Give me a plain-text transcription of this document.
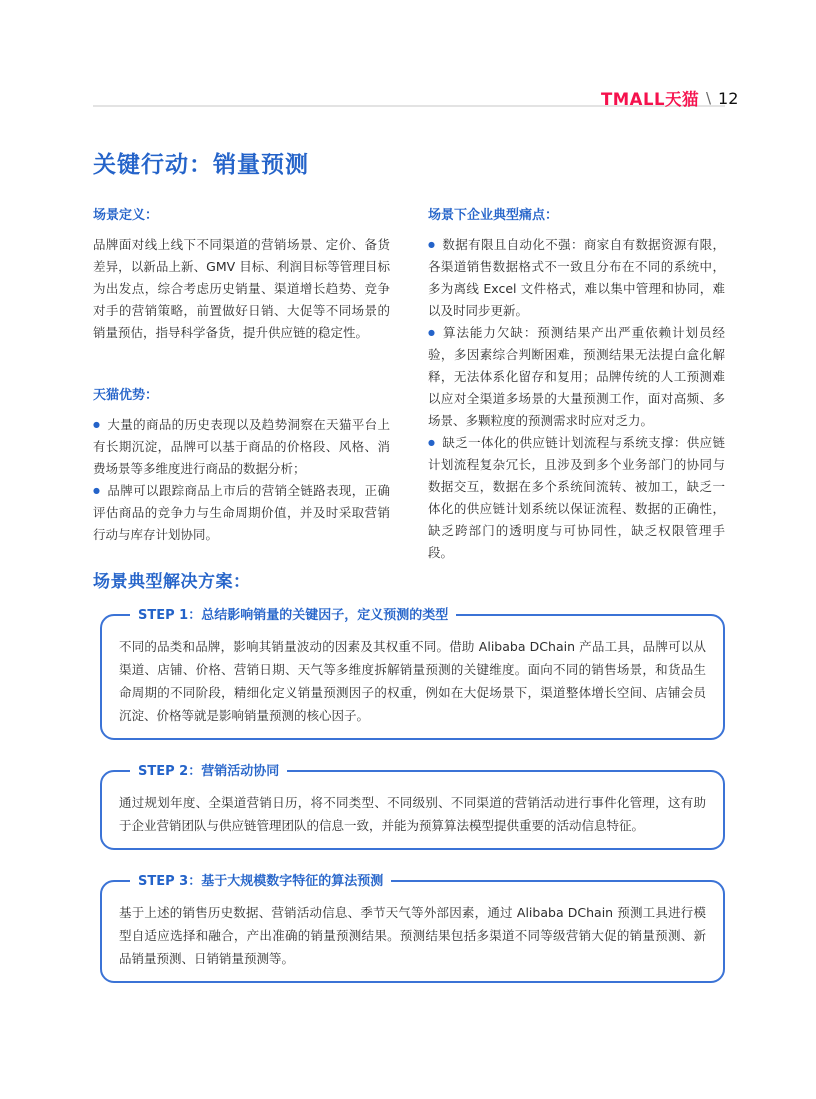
TMALL天猫 \ 12
关键行动：销量预测
场景定义：

品牌面对线上线下不同渠道的营销场景、定价、备货差异，以新品上新、GMV 目标、利润目标等管理目标为出发点，综合考虑历史销量、渠道增长趋势、竞争对手的营销策略，前置做好日销、大促等不同场景的销量预估，指导科学备货，提升供应链的稳定性。

天猫优势：

● 大量的商品的历史表现以及趋势洞察在天猫平台上有长期沉淀，品牌可以基于商品的价格段、风格、消费场景等多维度进行商品的数据分析；

● 品牌可以跟踪商品上市后的营销全链路表现，正确评估商品的竞争力与生命周期价值，并及时采取营销行动与库存计划协同。

场景下企业典型痛点：

● 数据有限且自动化不强：商家自有数据资源有限，各渠道销售数据格式不一致且分布在不同的系统中，多为离线 Excel 文件格式，难以集中管理和协同，难以及时同步更新。

● 算法能力欠缺：预测结果产出严重依赖计划员经验，多因素综合判断困难，预测结果无法提白盒化解释，无法体系化留存和复用；品牌传统的人工预测难以应对全渠道多场景的大量预测工作，面对高频、多场景、多颗粒度的预测需求时应对乏力。

● 缺乏一体化的供应链计划流程与系统支撑：供应链计划流程复杂冗长，且涉及到多个业务部门的协同与数据交互，数据在多个系统间流转、被加工，缺乏一体化的供应链计划系统以保证流程、数据的正确性，缺乏跨部门的透明度与可协同性，缺乏权限管理手段。

场景典型解决方案：
STEP 1：总结影响销量的关键因子，定义预测的类型

不同的品类和品牌，影响其销量波动的因素及其权重不同。借助 Alibaba DChain 产品工具，品牌可以从渠道、店铺、价格、营销日期、天气等多维度拆解销量预测的关键维度。面向不同的销售场景，和货品生命周期的不同阶段，精细化定义销量预测因子的权重，例如在大促场景下，渠道整体增长空间、店铺会员沉淀、价格等就是影响销量预测的核心因子。

STEP 2：营销活动协同

通过规划年度、全渠道营销日历，将不同类型、不同级别、不同渠道的营销活动进行事件化管理，这有助于企业营销团队与供应链管理团队的信息一致，并能为预算算法模型提供重要的活动信息特征。

STEP 3：基于大规模数字特征的算法预测

基于上述的销售历史数据、营销活动信息、季节天气等外部因素，通过 Alibaba DChain 预测工具进行模型自适应选择和融合，产出准确的销量预测结果。预测结果包括多渠道不同等级营销大促的销量预测、新品销量预测、日销销量预测等。
